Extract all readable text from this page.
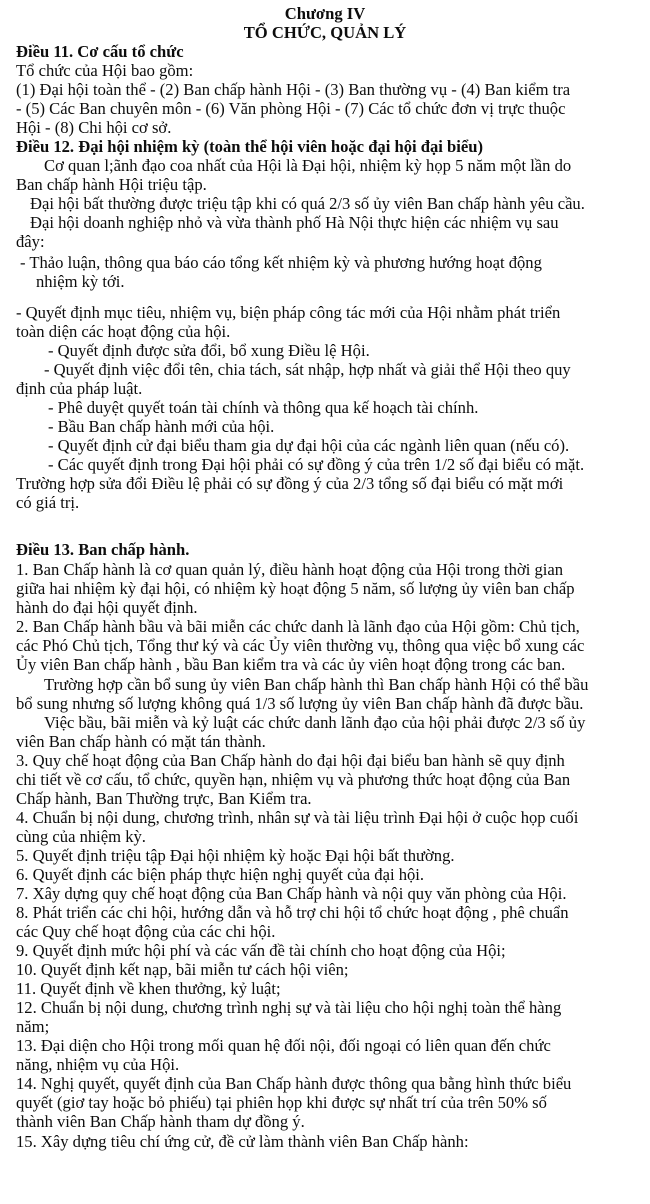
Chương IV
TỔ CHỨC, QUẢN LÝ
Điều 11. Cơ cấu tổ chức
Tổ chức của Hội bao gồm:
(1) Đại hội toàn thể - (2) Ban chấp hành Hội - (3) Ban thường vụ - (4) Ban kiểm tra
- (5) Các Ban chuyên môn - (6) Văn phòng Hội - (7) Các tổ chức đơn vị trực thuộc
Hội - (8) Chi hội cơ sở.
Điều 12. Đại hội nhiệm kỳ (toàn thể hội viên hoặc đại hội đại biểu)
Cơ quan l;ãnh đạo coa nhất của Hội là Đại hội, nhiệm kỳ họp 5 năm một lần do
Ban chấp hành Hội triệu tập.
Đại hội bất thường được triệu tập khi có quá 2/3 số ủy viên Ban chấp hành yêu cầu.
Đại hội doanh nghiệp nhỏ và vừa thành phố Hà Nội thực hiện các nhiệm vụ sau
đây:
- Thảo luận, thông qua báo cáo tổng kết nhiệm kỳ và phương hướng hoạt động
nhiệm kỳ tới.
- Quyết định mục tiêu, nhiệm vụ, biện pháp công tác mới của Hội nhằm phát triển
toàn diện các hoạt động của hội.
- Quyết định được sửa đổi, bổ xung Điều lệ Hội.
- Quyết định việc đổi tên, chia tách, sát nhập, hợp nhất và giải thể Hội theo quy
định của pháp luật.
- Phê duyệt quyết toán tài chính và thông qua kế hoạch tài chính.
- Bầu Ban chấp hành mới của hội.
- Quyết định cử đại biểu tham gia dự đại hội của các ngành liên quan (nếu có).
- Các quyết định trong Đại hội phải có sự đồng ý của trên 1/2 số đại biểu có mặt.
Trường hợp sửa đổi Điều lệ phải có sự đồng ý của 2/3 tổng số đại biểu có mặt mới
có giá trị.
Điều 13. Ban chấp hành.
1. Ban Chấp hành là cơ quan quản lý, điều hành hoạt động của Hội trong thời gian
giữa hai nhiệm kỳ đại hội, có nhiệm kỳ hoạt động 5 năm, số lượng ủy viên ban chấp
hành do đại hội quyết định.
2. Ban Chấp hành bầu và bãi miễn các chức danh là lãnh đạo của Hội gồm: Chủ tịch,
các Phó Chủ tịch, Tổng thư ký và các Ủy viên thường vụ, thông qua việc bổ xung các
Ủy viên Ban chấp hành , bầu Ban kiểm tra và các ủy viên hoạt động trong các ban.
Trường hợp cần bổ sung ủy viên Ban chấp hành thì Ban chấp hành Hội có thể bầu
bổ sung nhưng số lượng không quá 1/3 số lượng ủy viên Ban chấp hành đã được bầu.
Việc bầu, bãi miễn và kỷ luật các chức danh lãnh đạo của hội phải được 2/3 số ủy
viên Ban chấp hành có mặt tán thành.
3. Quy chế hoạt động của Ban Chấp hành do đại hội đại biểu ban hành sẽ quy định
chi tiết về cơ cấu, tổ chức, quyền hạn, nhiệm vụ và phương thức hoạt động của Ban
Chấp hành, Ban Thường trực, Ban Kiểm tra.
4. Chuẩn bị nội dung, chương trình, nhân sự và tài liệu trình Đại hội ở cuộc họp cuối
cùng của nhiệm kỳ.
5. Quyết định triệu tập Đại hội nhiệm kỳ hoặc Đại hội bất thường.
6. Quyết định các biện pháp thực hiện nghị quyết của đại hội.
7. Xây dựng quy chế hoạt động của Ban Chấp hành và nội quy văn phòng của Hội.
8. Phát triển các chi hội, hướng dẫn và hỗ trợ chi hội tổ chức hoạt động , phê chuẩn
các Quy chế hoạt động của các chi hội.
9. Quyết định mức hội phí và các vấn đề tài chính cho hoạt động của Hội;
10. Quyết định kết nạp, bãi miễn tư cách hội viên;
11. Quyết định về khen thưởng, kỷ luật;
12. Chuẩn bị nội dung, chương trình nghị sự và tài liệu cho hội nghị toàn thể hàng
năm;
13. Đại diện cho Hội trong mối quan hệ đối nội, đối ngoại có liên quan đến chức
năng, nhiệm vụ của Hội.
14. Nghị quyết, quyết định của Ban Chấp hành được thông qua bằng hình thức biểu
quyết (giơ tay hoặc bỏ phiếu) tại phiên họp khi được sự nhất trí của trên 50% số
thành viên Ban Chấp hành tham dự đồng ý.
15. Xây dựng tiêu chí ứng cử, đề cử làm thành viên Ban Chấp hành:
